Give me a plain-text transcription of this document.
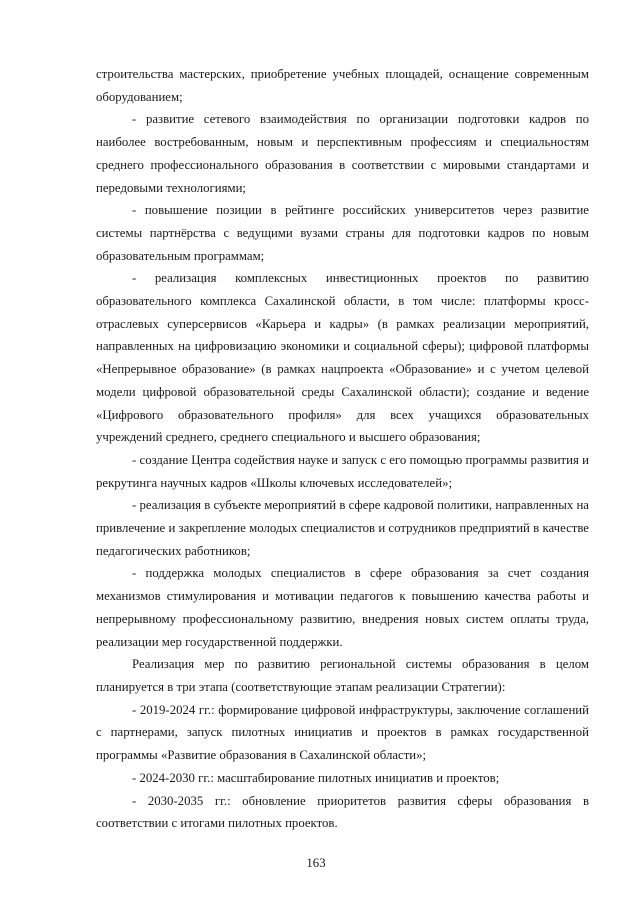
строительства мастерских, приобретение учебных площадей, оснащение современным оборудованием;

- развитие сетевого взаимодействия по организации подготовки кадров по наиболее востребованным, новым и перспективным профессиям и специальностям среднего профессионального образования в соответствии с мировыми стандартами и передовыми технологиями;

- повышение позиции в рейтинге российских университетов через развитие системы партнёрства с ведущими вузами страны для подготовки кадров по новым образовательным программам;

- реализация комплексных инвестиционных проектов по развитию образовательного комплекса Сахалинской области, в том числе: платформы кросс-отраслевых суперсервисов «Карьера и кадры» (в рамках реализации мероприятий, направленных на цифровизацию экономики и социальной сферы); цифровой платформы «Непрерывное образование» (в рамках нацпроекта «Образование» и с учетом целевой модели цифровой образовательной среды Сахалинской области); создание и ведение «Цифрового образовательного профиля» для всех учащихся образовательных учреждений среднего, среднего специального и высшего образования;

- создание Центра содействия науке и запуск с его помощью программы развития и рекрутинга научных кадров «Школы ключевых исследователей»;

- реализация в субъекте мероприятий в сфере кадровой политики, направленных на привлечение и закрепление молодых специалистов и сотрудников предприятий в качестве педагогических работников;

- поддержка молодых специалистов в сфере образования за счет создания механизмов стимулирования и мотивации педагогов к повышению качества работы и непрерывному профессиональному развитию, внедрения новых систем оплаты труда, реализации мер государственной поддержки.

Реализация мер по развитию региональной системы образования в целом планируется в три этапа (соответствующие этапам реализации Стратегии):

- 2019-2024 гг.: формирование цифровой инфраструктуры, заключение соглашений с партнерами, запуск пилотных инициатив и проектов в рамках государственной программы «Развитие образования в Сахалинской области»;

- 2024-2030 гг.: масштабирование пилотных инициатив и проектов;

- 2030-2035 гг.: обновление приоритетов развития сферы образования в соответствии с итогами пилотных проектов.

163
